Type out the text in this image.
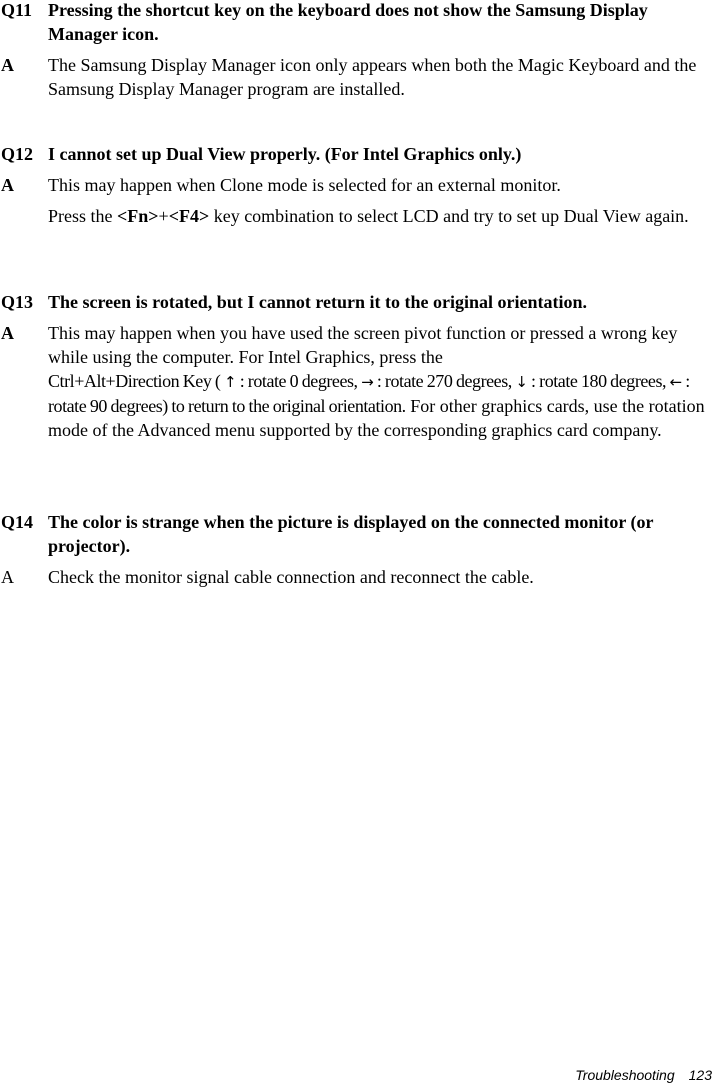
Q11 Pressing the shortcut key on the keyboard does not show the Samsung Display Manager icon.
A	The Samsung Display Manager icon only appears when both the Magic Keyboard and the Samsung Display Manager program are installed.
Q12 I cannot set up Dual View properly. (For Intel Graphics only.)
A	This may happen when Clone mode is selected for an external monitor.
Press the <Fn>+<F4> key combination to select LCD and try to set up Dual View again.
Q13 The screen is rotated, but I cannot return it to the original orientation.
A	This may happen when you have used the screen pivot function or pressed a wrong key while using the computer. For Intel Graphics, press the
Ctrl+Alt+Direction Key ( ↑ : rotate 0 degrees, → : rotate 270 degrees, ↓ : rotate 180 degrees, ← : rotate 90 degrees) to return to the original orientation. For other graphics cards, use the rotation mode of the Advanced menu supported by the corresponding graphics card company.
Q14 The color is strange when the picture is displayed on the connected monitor (or projector).
A	Check the monitor signal cable connection and reconnect the cable.
Troubleshooting 123
